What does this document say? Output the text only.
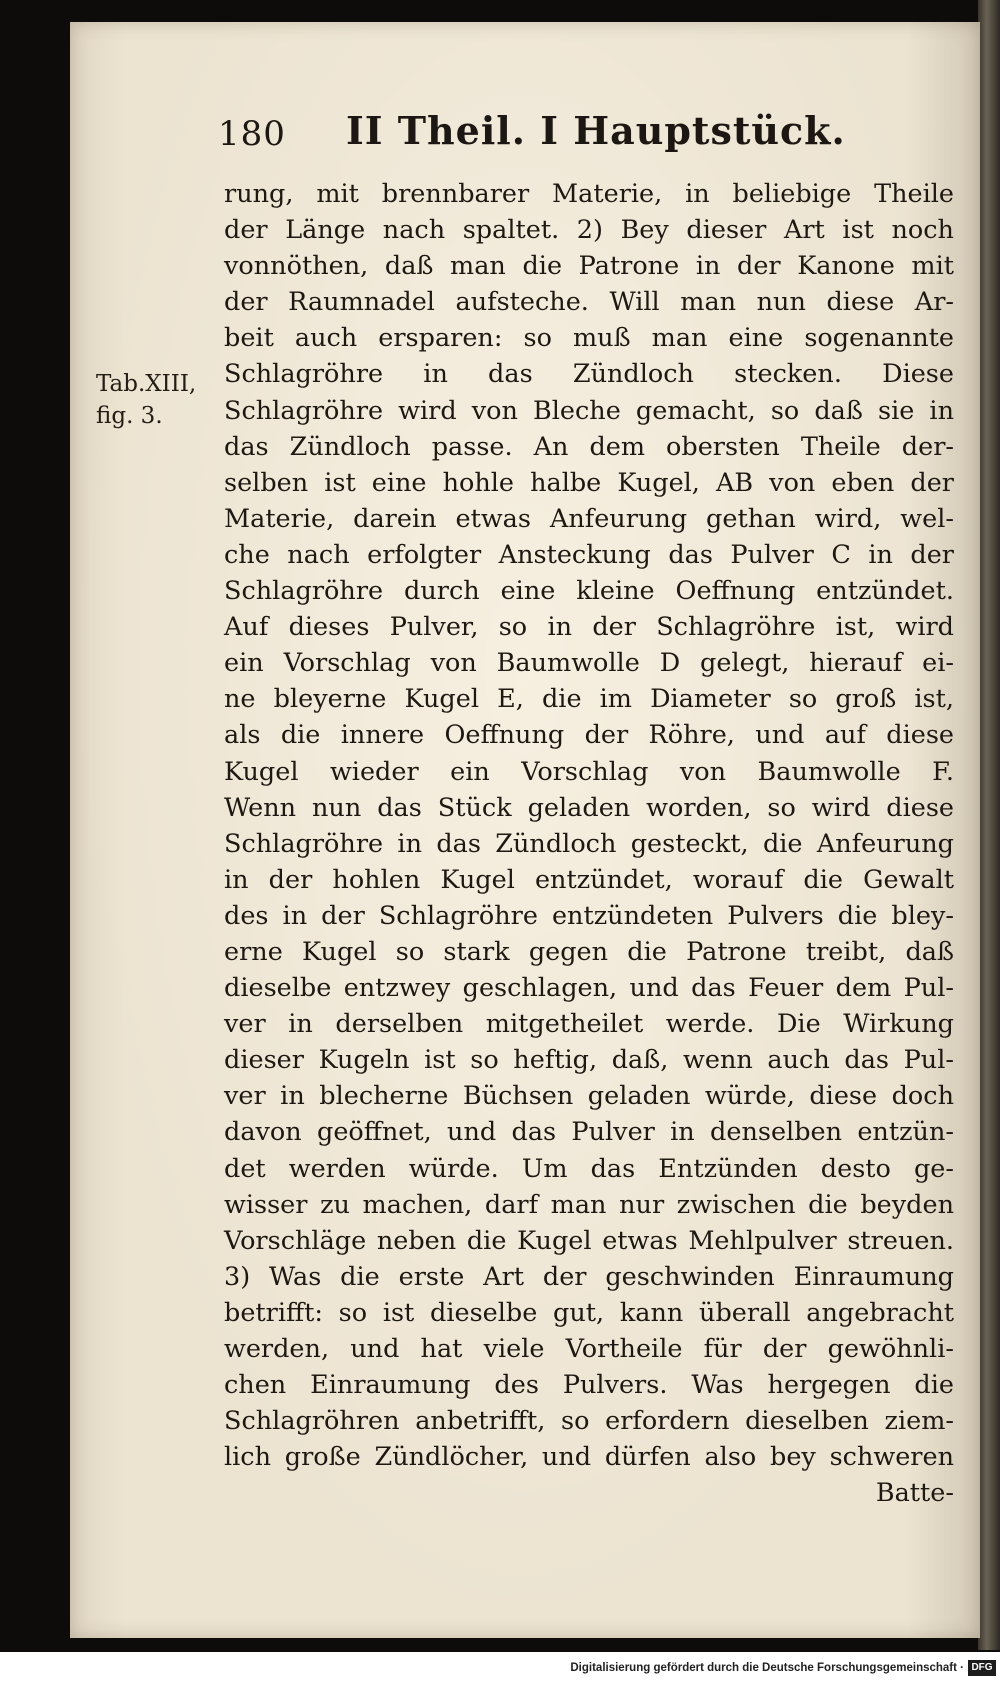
180 II Theil. I Hauptstück.
Tab.XIII,
fig. 3.
rung, mit brennbarer Materie, in beliebige Theile
der Länge nach spaltet. 2) Bey dieser Art ist noch
vonnöthen, daß man die Patrone in der Kanone mit
der Raumnadel aufsteche. Will man nun diese Ar-
beit auch ersparen: so muß man eine sogenannte
Schlagröhre in das Zündloch stecken. Diese
Schlagröhre wird von Bleche gemacht, so daß sie in
das Zündloch passe. An dem obersten Theile der-
selben ist eine hohle halbe Kugel, AB von eben der
Materie, darein etwas Anfeurung gethan wird, wel-
che nach erfolgter Ansteckung das Pulver C in der
Schlagröhre durch eine kleine Oeffnung entzündet.
Auf dieses Pulver, so in der Schlagröhre ist, wird
ein Vorschlag von Baumwolle D gelegt, hierauf ei-
ne bleyerne Kugel E, die im Diameter so groß ist,
als die innere Oeffnung der Röhre, und auf diese
Kugel wieder ein Vorschlag von Baumwolle F.
Wenn nun das Stück geladen worden, so wird diese
Schlagröhre in das Zündloch gesteckt, die Anfeurung
in der hohlen Kugel entzündet, worauf die Gewalt
des in der Schlagröhre entzündeten Pulvers die bley-
erne Kugel so stark gegen die Patrone treibt, daß
dieselbe entzwey geschlagen, und das Feuer dem Pul-
ver in derselben mitgetheilet werde. Die Wirkung
dieser Kugeln ist so heftig, daß, wenn auch das Pul-
ver in blecherne Büchsen geladen würde, diese doch
davon geöffnet, und das Pulver in denselben entzün-
det werden würde. Um das Entzünden desto ge-
wisser zu machen, darf man nur zwischen die beyden
Vorschläge neben die Kugel etwas Mehlpulver streuen.
3) Was die erste Art der geschwinden Einraumung
betrifft: so ist dieselbe gut, kann überall angebracht
werden, und hat viele Vortheile für der gewöhnli-
chen Einraumung des Pulvers. Was hergegen die
Schlagröhren anbetrifft, so erfordern dieselben ziem-
lich große Zündlöcher, und dürfen also bey schweren
Batte-
Digitalisierung gefördert durch die Deutsche Forschungsgemeinschaft · DFG
